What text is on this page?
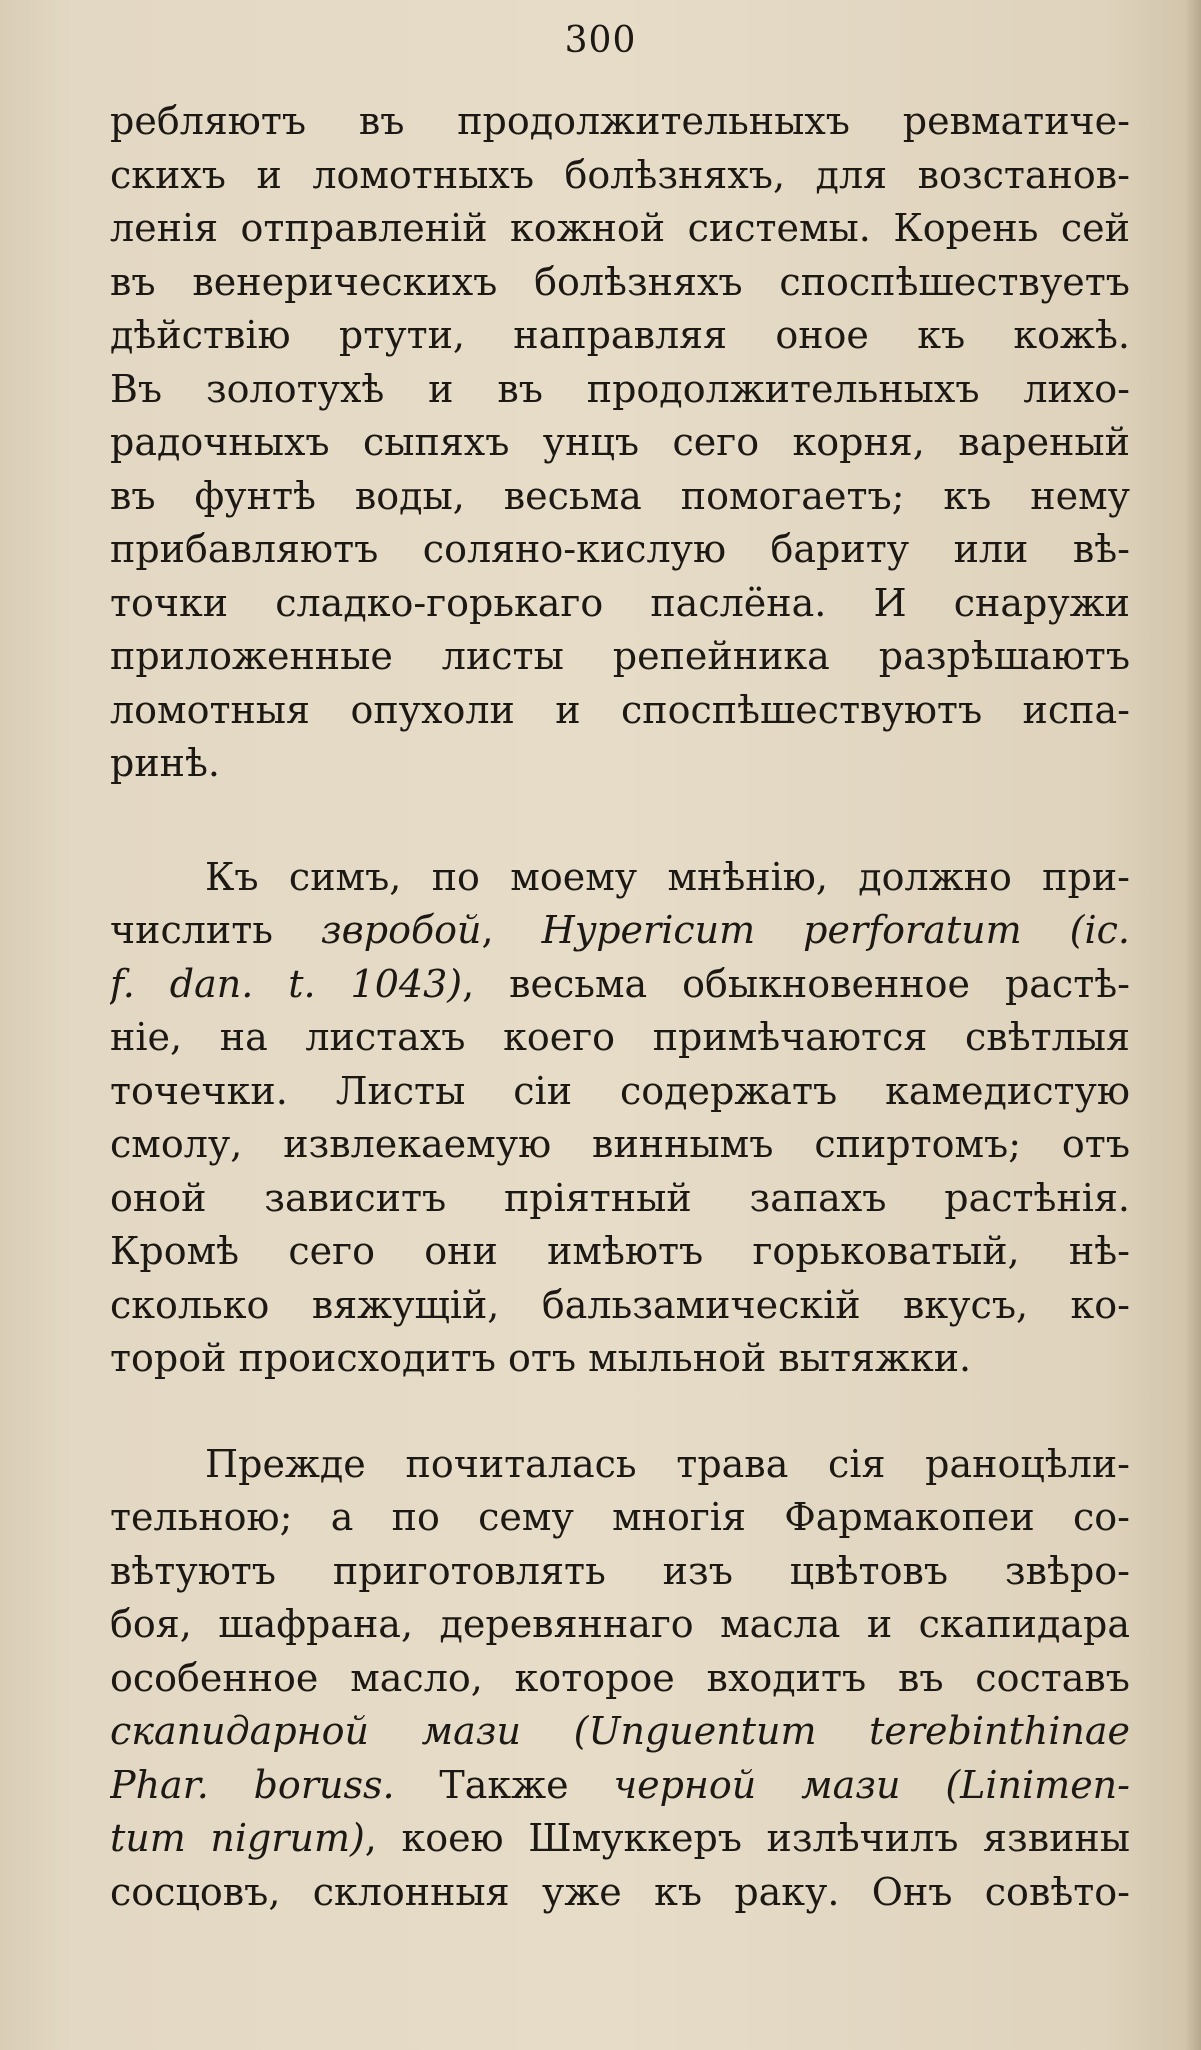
300
ребляютъ въ продолжительныхъ ревматиче-
скихъ и ломотныхъ болѣзняхъ, для возстанов-
ленія отправленій кожной системы. Корень сей
въ венерическихъ болѣзняхъ споспѣшествуетъ
дѣйствію ртути, направляя оное къ кожѣ.
Въ золотухѣ и въ продолжительныхъ лихо-
радочныхъ сыпяхъ унцъ сего корня, вареный
въ фунтѣ воды, весьма помогаетъ; къ нему
прибавляютъ соляно-кислую бариту или вѣ-
точки сладко-горькаго паслёна. И снаружи
приложенные листы репейника разрѣшаютъ
ломотныя опухоли и споспѣшествуютъ испа-
ринѣ.
Къ симъ, по моему мнѣнію, должно при-
числить звробой, Hypericum perforatum (ic.
f. dan. t. 1043), весьма обыкновенное растѣ-
ніе, на листахъ коего примѣчаются свѣтлыя
точечки. Листы сіи содержатъ камедистую
смолу, извлекаемую виннымъ спиртомъ; отъ
оной зависитъ пріятный запахъ растѣнія.
Кромѣ сего они имѣютъ горьковатый, нѣ-
сколько вяжущій, бальзамическій вкусъ, ко-
торой происходитъ отъ мыльной вытяжки.
Прежде почиталась трава сія раноцѣли-
тельною; а по сему многія Фармакопеи со-
вѣтуютъ приготовлять изъ цвѣтовъ звѣро-
боя, шафрана, деревяннаго масла и скапидара
особенное масло, которое входитъ въ составъ
скапидарной мази (Unguentum terebinthinae
Phar. boruss. Также черной мази (Linimen-
tum nigrum), коею Шмуккеръ излѣчилъ язвины
сосцовъ, склонныя уже къ раку. Онъ совѣто-
